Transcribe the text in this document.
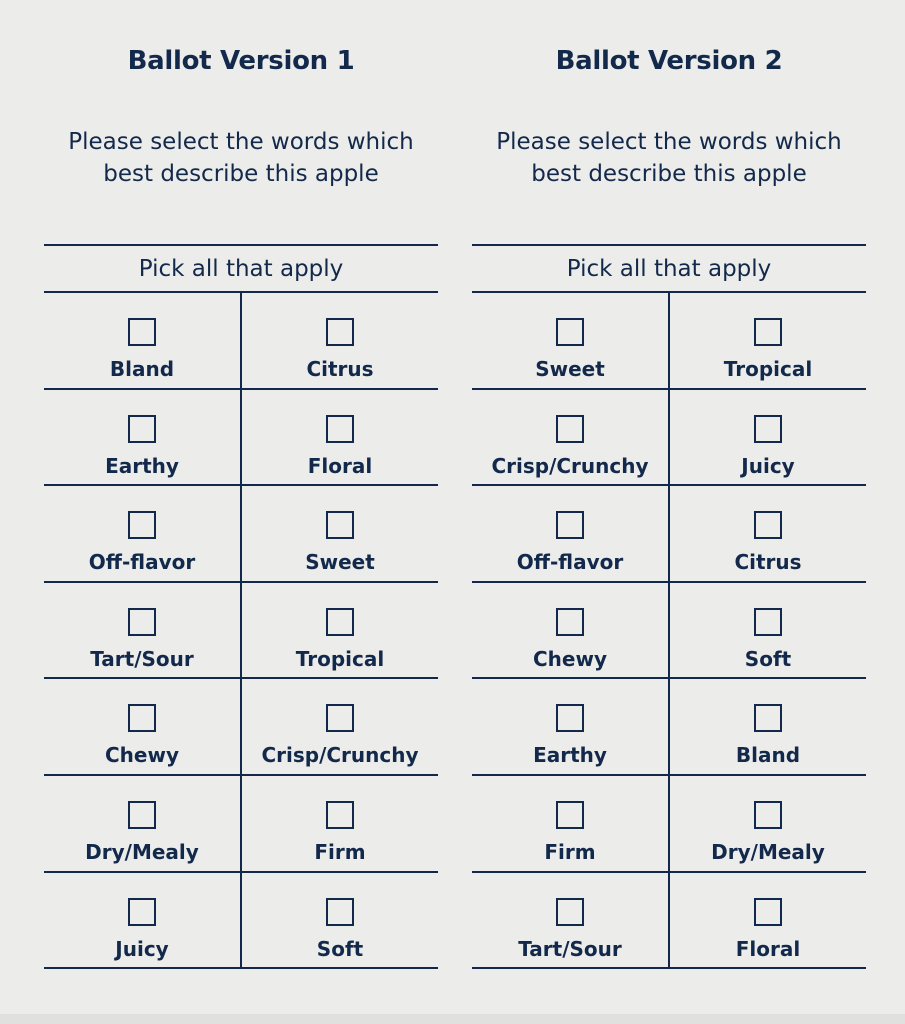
Ballot Version 1
Please select the words which
best describe this apple
Pick all that apply
Bland	Citrus
Earthy	Floral
Off-flavor	Sweet
Tart/Sour	Tropical
Chewy	Crisp/Crunchy
Dry/Mealy	Firm
Juicy	Soft
Ballot Version 2
Please select the words which
best describe this apple
Pick all that apply
Sweet	Tropical
Crisp/Crunchy	Juicy
Off-flavor	Citrus
Chewy	Soft
Earthy	Bland
Firm	Dry/Mealy
Tart/Sour	Floral
